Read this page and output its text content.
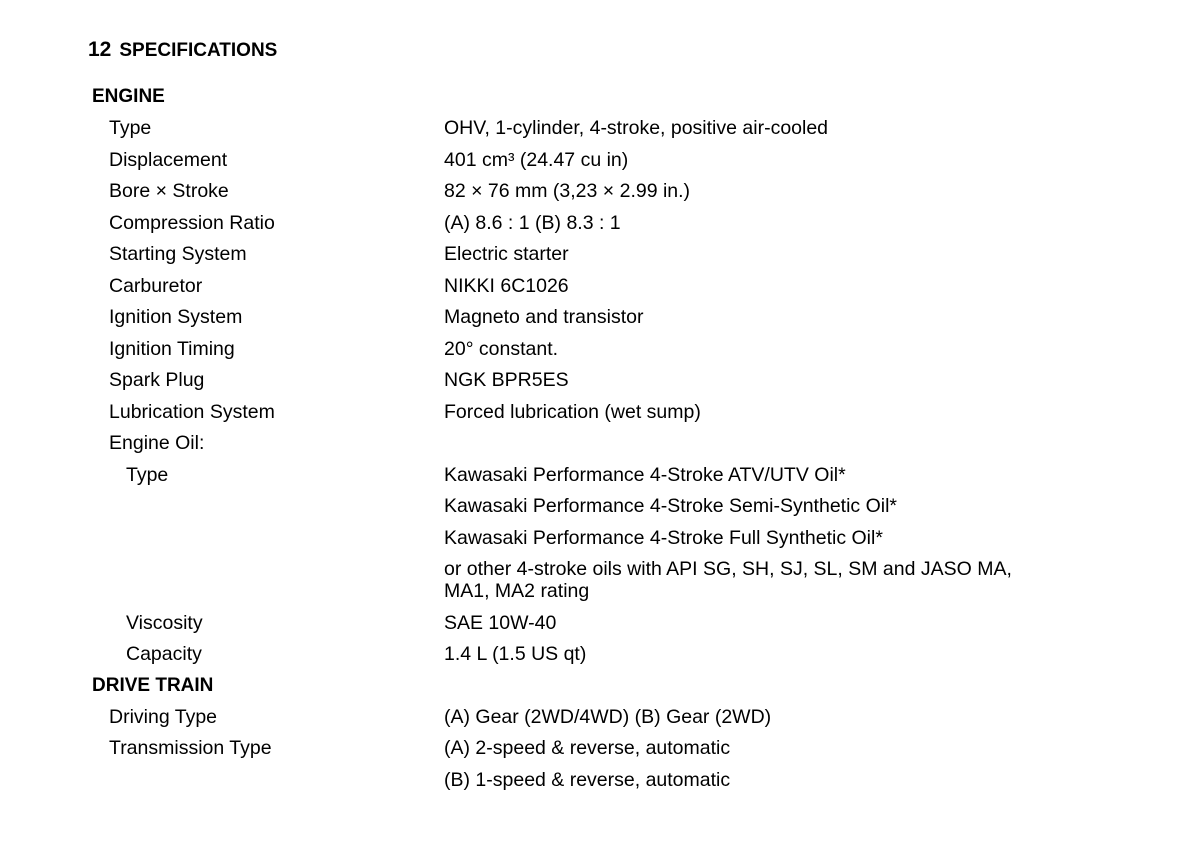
12 SPECIFICATIONS
ENGINE
Type	OHV, 1-cylinder, 4-stroke, positive air-cooled
Displacement	401 cm³ (24.47 cu in)
Bore × Stroke	82 × 76 mm (3,23 × 2.99 in.)
Compression Ratio	(A) 8.6 : 1 (B) 8.3 : 1
Starting System	Electric starter
Carburetor	NIKKI 6C1026
Ignition System	Magneto and transistor
Ignition Timing	20° constant.
Spark Plug	NGK BPR5ES
Lubrication System	Forced lubrication (wet sump)
Engine Oil:
Type	Kawasaki Performance 4-Stroke ATV/UTV Oil*
Kawasaki Performance 4-Stroke Semi-Synthetic Oil*
Kawasaki Performance 4-Stroke Full Synthetic Oil*
or other 4-stroke oils with API SG, SH, SJ, SL, SM and JASO MA,
MA1, MA2 rating
Viscosity	SAE 10W-40
Capacity	1.4 L (1.5 US qt)
DRIVE TRAIN
Driving Type	(A) Gear (2WD/4WD) (B) Gear (2WD)
Transmission Type	(A) 2-speed & reverse, automatic
(B) 1-speed & reverse, automatic
